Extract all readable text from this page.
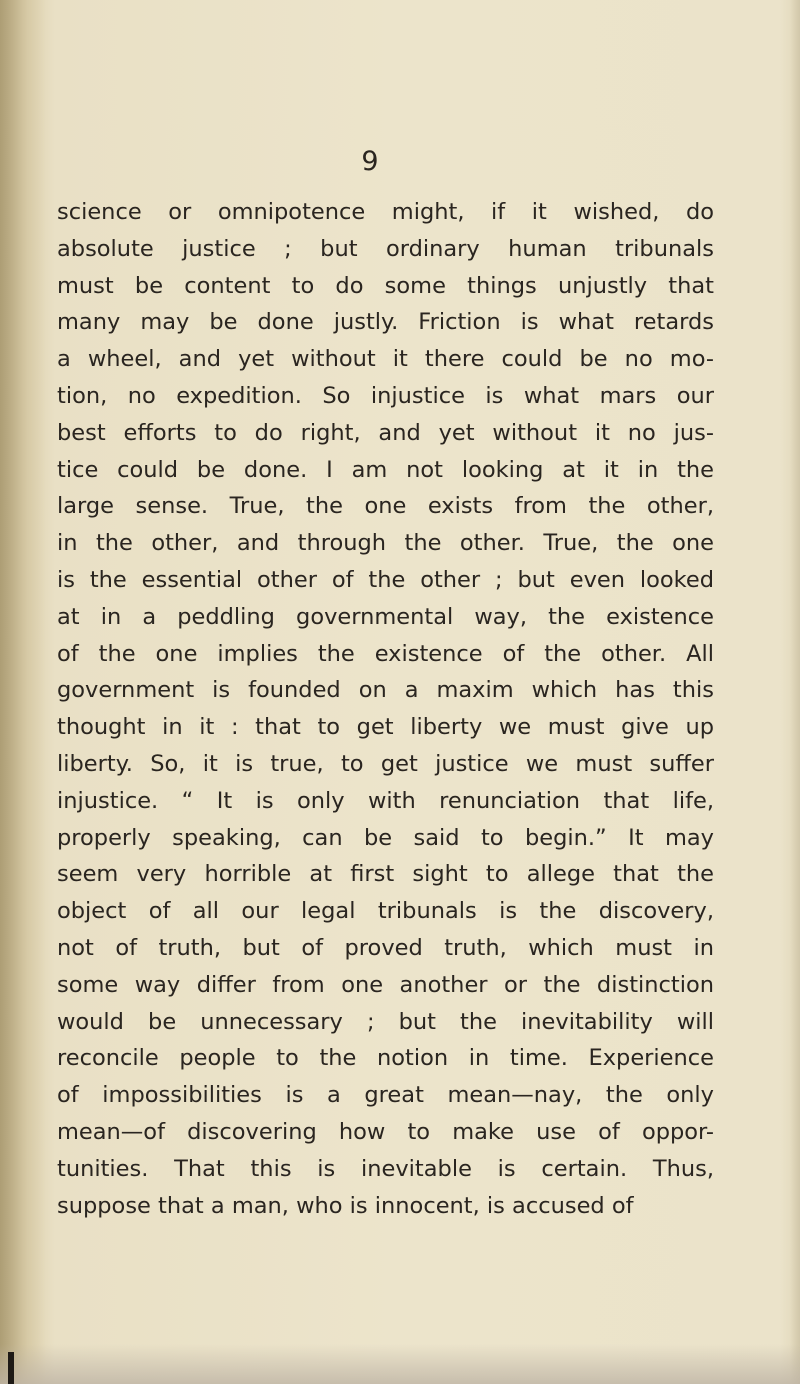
9
science or omnipotence might, if it wished, do
absolute justice ; but ordinary human tribunals
must be content to do some things unjustly that
many may be done justly. Friction is what retards
a wheel, and yet without it there could be no mo-
tion, no expedition. So injustice is what mars our
best efforts to do right, and yet without it no jus-
tice could be done. I am not looking at it in the
large sense. True, the one exists from the other,
in the other, and through the other. True, the one
is the essential other of the other ; but even looked
at in a peddling governmental way, the existence
of the one implies the existence of the other. All
government is founded on a maxim which has this
thought in it : that to get liberty we must give up
liberty. So, it is true, to get justice we must suffer
injustice. “ It is only with renunciation that life,
properly speaking, can be said to begin.” It may
seem very horrible at first sight to allege that the
object of all our legal tribunals is the discovery,
not of truth, but of proved truth, which must in
some way differ from one another or the distinction
would be unnecessary ; but the inevitability will
reconcile people to the notion in time. Experience
of impossibilities is a great mean—nay, the only
mean—of discovering how to make use of oppor-
tunities. That this is inevitable is certain. Thus,
suppose that a man, who is innocent, is accused of
